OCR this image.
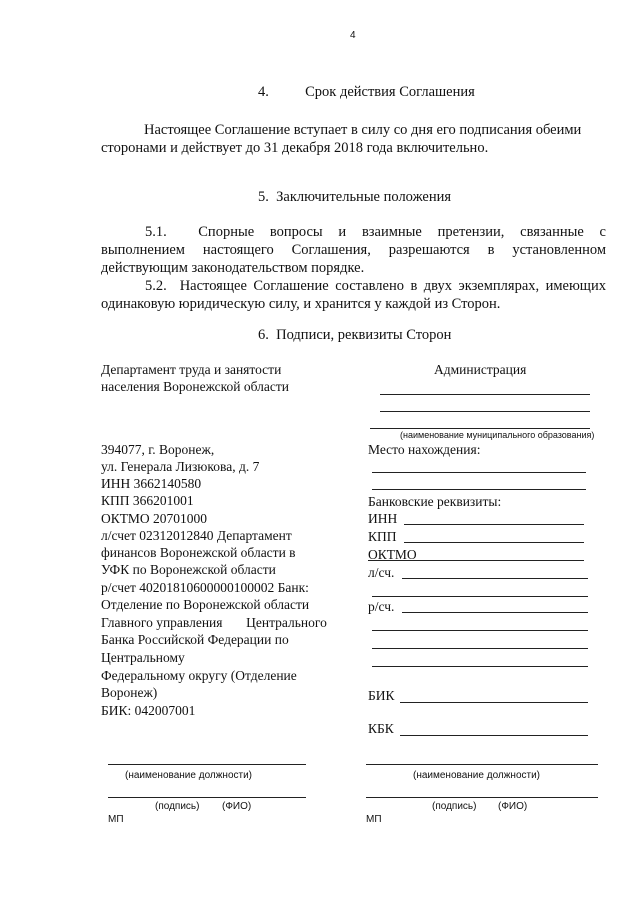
4
4.          Срок действия Соглашения
Настоящее Соглашение вступает в силу со дня его подписания обеими
сторонами и действует до 31 декабря 2018 года включительно.
5.  Заключительные положения
5.1.  Спорные вопросы и взаимные претензии, связанные с
выполнением настоящего Соглашения, разрешаются в установленном
действующим законодательством порядке.
5.2.  Настоящее Соглашение составлено в двух экземплярах, имеющих
одинаковую юридическую силу, и хранится у каждой из Сторон.
6.  Подписи, реквизиты Сторон
Департамент труда и занятости
населения Воронежской области
394077, г. Воронеж,
ул. Генерала Лизюкова, д. 7
ИНН 3662140580
КПП 366201001
ОКТМО 20701000
л/счет 02312012840 Департамент
финансов Воронежской области в
УФК по Воронежской области
р/счет 40201810600000100002 Банк:
Отделение по Воронежской области
Главного управления       Центрального
Банка Российской Федерации по
Центральному
Федеральному округу (Отделение
Воронеж)
БИК: 042007001
(наименование должности)
(подпись) (ФИО)
МП
Администрация
(наименование муниципального образования)
Место нахождения:
Банковские реквизиты:
ИНН
КПП
ОКТМО
л/сч.
р/сч.
БИК
КБК
(наименование должности)
(подпись) (ФИО)
МП
